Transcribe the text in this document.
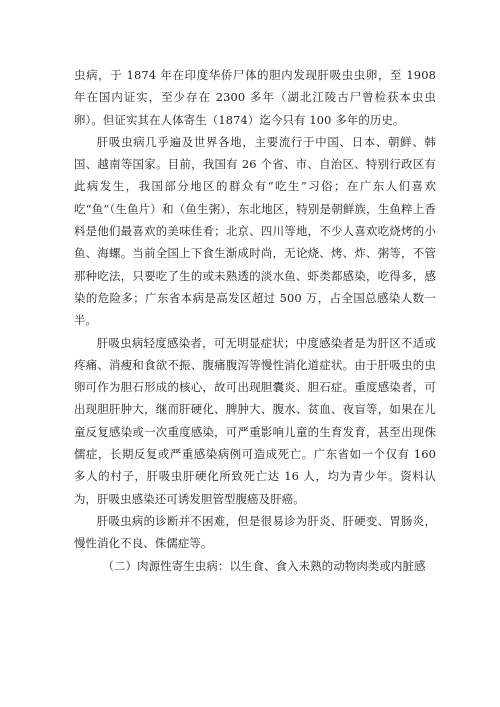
虫病，于 1874 年在印度华侨尸体的胆内发现肝吸虫虫卵，至 1908 年在国内证实，至少存在 2300 多年（湖北江陵古尸曾检获本虫虫卵）。但证实其在人体寄生（1874）迄今只有 100 多年的历史。

肝吸虫病几乎遍及世界各地，主要流行于中国、日本、朝鲜、韩国、越南等国家。目前，我国有 26 个省、市、自治区、特别行政区有此病发生，我国部分地区的群众有“吃生”习俗；在广东人们喜欢吃“鱼”（生鱼片）和（鱼生粥），东北地区，特别是朝鲜族，生鱼粹上香料是他们最喜欢的美味佳肴；北京、四川等地，不少人喜欢吃烧烤的小鱼、海螺。当前全国上下食生渐成时尚，无论烧、烤、炸、粥等，不管那种吃法，只要吃了生的或未熟透的淡水鱼、虾类都感染，吃得多，感染的危险多；广东省本病是高发区超过 500 万，占全国总感染人数一半。

肝吸虫病轻度感染者，可无明显症状；中度感染者是为肝区不适或疼痛、消瘦和食欲不振、腹痛腹泻等慢性消化道症状。由于肝吸虫的虫卵可作为胆石形成的核心，故可出现胆囊炎、胆石症。重度感染者，可出现胆肝肿大，继而肝硬化、脾肿大、腹水、贫血、夜盲等，如果在儿童反复感染或一次重度感染，可严重影响儿童的生育发育，甚至出现侏儒症，长期反复或严重感染病例可造成死亡。广东省如一个仅有 160 多人的村子，肝吸虫肝硬化所致死亡达 16 人，均为青少年。资料认为，肝吸虫感染还可诱发胆管型腹癌及肝癌。

肝吸虫病的诊断并不困难，但是很易诊为肝炎、肝硬变、胃肠炎，慢性消化不良、侏儒症等。

（二）肉源性寄生虫病：以生食、食入未熟的动物肉类或内脏感
